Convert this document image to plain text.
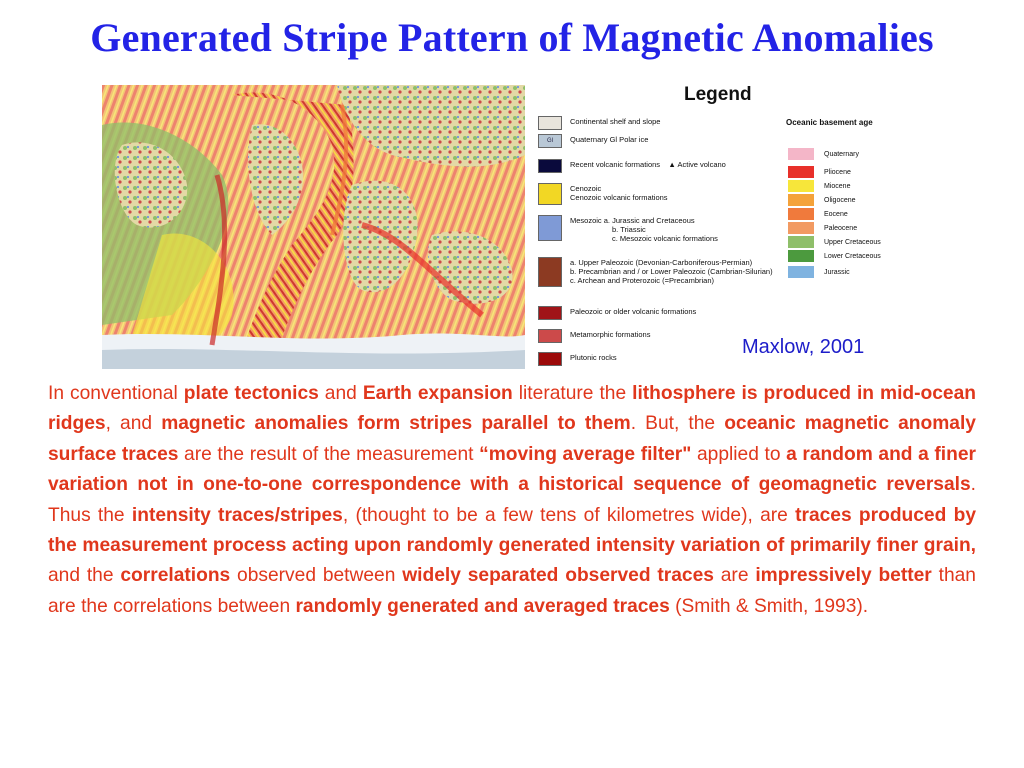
Generated Stripe Pattern of Magnetic Anomalies
Legend
Continental shelf and slope
Gl	Quaternary Gl Polar ice
Recent volcanic formations ▲ Active volcano
Cenozoic
Cenozoic volcanic formations
Mesozoic a. Jurassic and Cretaceous
b. Triassic
c. Mesozoic volcanic formations
a. Upper Paleozoic (Devonian-Carboniferous-Permian)
b. Precambrian and / or Lower Paleozoic (Cambrian-Silurian)
c. Archean and Proterozoic (=Precambrian)
Paleozoic or older volcanic formations
Metamorphic formations
Plutonic rocks
Oceanic basement age
Quaternary
Pliocene
Miocene
Oligocene
Eocene
Paleocene
Upper Cretaceous
Lower Cretaceous
Jurassic
Maxlow, 2001
In conventional plate tectonics and Earth expansion literature the lithosphere is produced in mid-ocean ridges, and magnetic anomalies form stripes parallel to them. But, the oceanic magnetic anomaly surface traces are the result of the measurement “moving average filter" applied to a random and a finer variation not in one-to-one correspondence with a historical sequence of geomagnetic reversals. Thus the intensity traces/stripes, (thought to be a few tens of kilometres wide), are traces produced by the measurement process acting upon randomly generated intensity variation of primarily finer grain, and the correlations observed between widely separated observed traces are impressively better than are the correlations between randomly generated and averaged traces (Smith & Smith, 1993).
